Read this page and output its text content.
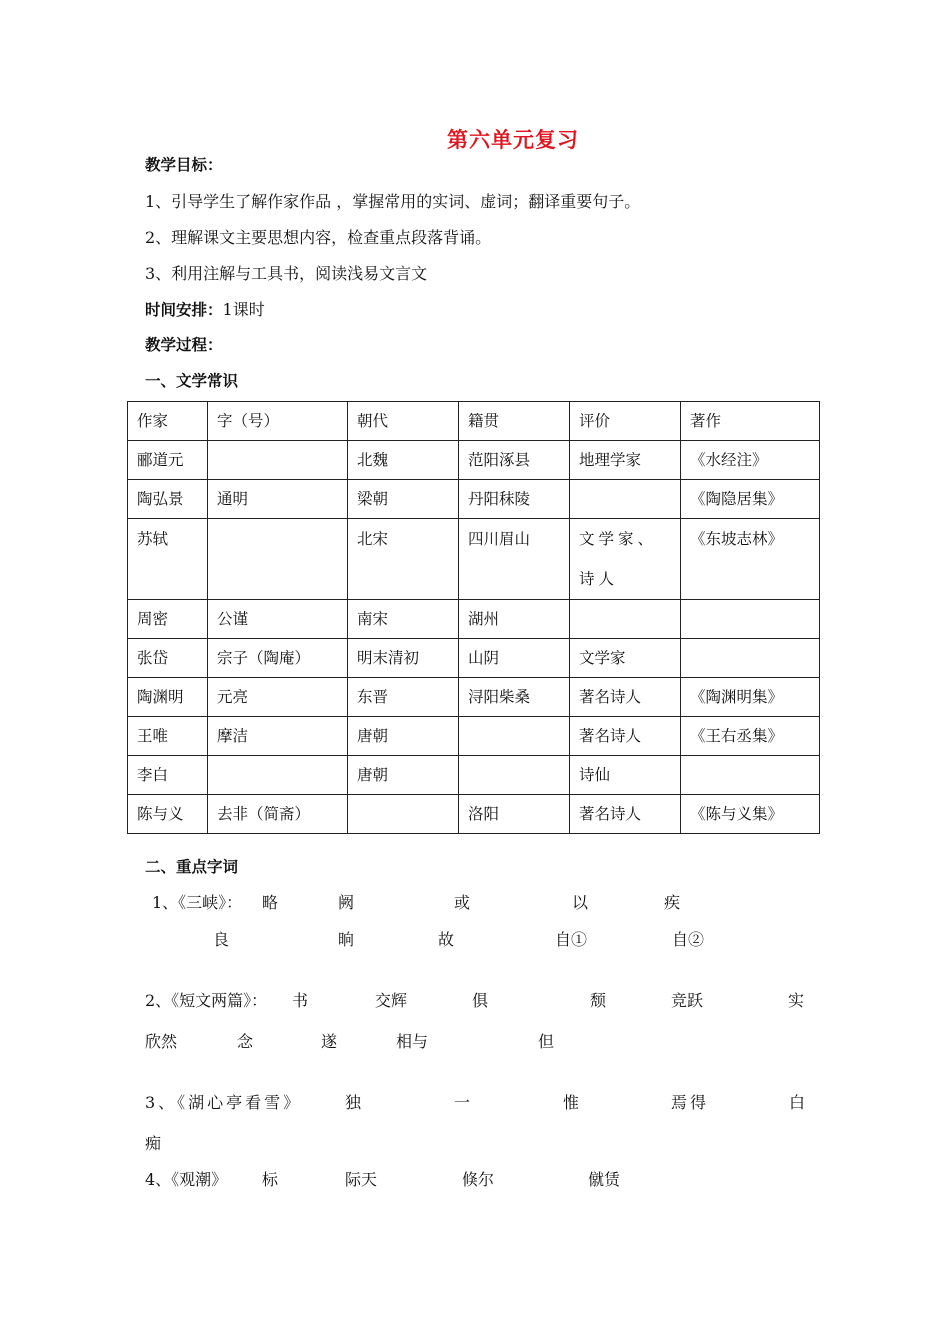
第六单元复习
教学目标：
1、引导学生了解作家作品 ，掌握常用的实词、虚词；翻译重要句子。
2、理解课文主要思想内容，检查重点段落背诵。
3、利用注解与工具书，阅读浅易文言文
时间安排：1课时
教学过程：
一、文学常识
作家	字（号）	朝代	籍贯	评价	著作
郦道元		北魏	范阳涿县	地理学家	《水经注》
陶弘景	通明	梁朝	丹阳秣陵		《陶隐居集》
苏轼		北宋	四川眉山	文学家、诗人	《东坡志林》
周密	公谨	南宋	湖州		
张岱	宗子（陶庵）	明末清初	山阴	文学家	
陶渊明	元亮	东晋	浔阳柴桑	著名诗人	《陶渊明集》
王唯	摩洁	唐朝		著名诗人	《王右丞集》
李白		唐朝		诗仙	
陈与义	去非（简斋）		洛阳	著名诗人	《陈与义集》
二、重点字词
1、《三峡》： 略	阙	或	以	疾
良	晌	故	自①	自②
2、《短文两篇》： 书	交辉	俱	颓	竞跃	实
欣然	念	遂	相与	但
3、《湖心亭看雪》	独	一	惟	焉得	白
痴
4、《观潮》 标	际天	倏尔	僦赁
